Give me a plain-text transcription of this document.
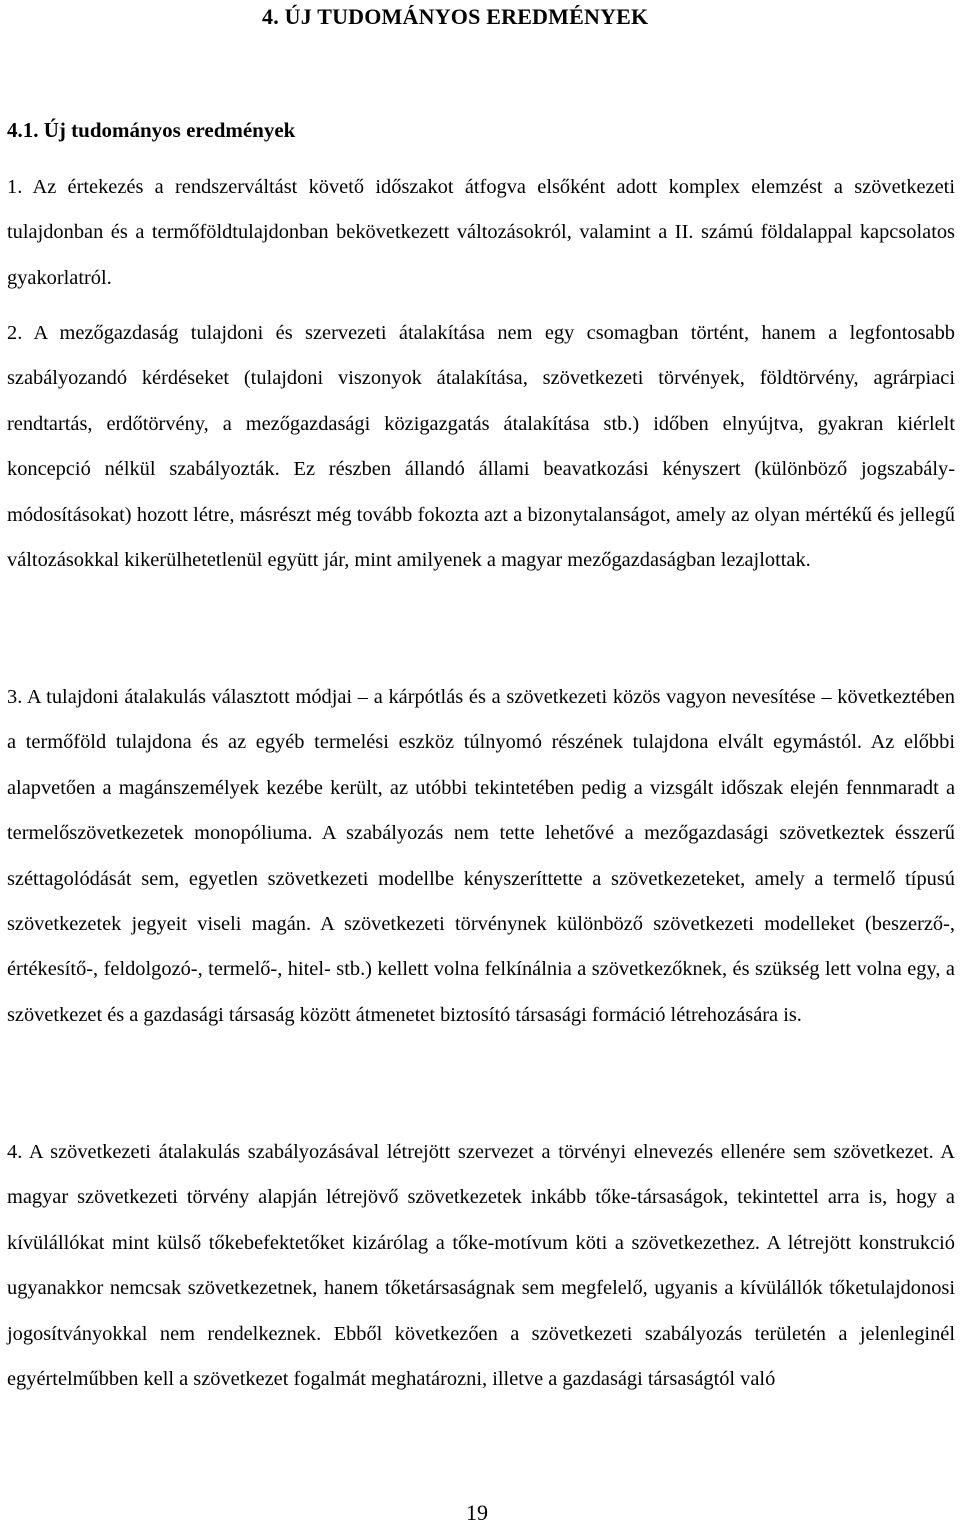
4. ÚJ TUDOMÁNYOS EREDMÉNYEK
4.1. Új tudományos eredmények

1. Az értekezés a rendszerváltást követő időszakot átfogva elsőként adott komplex elemzést a szövetkezeti tulajdonban és a termőföldtulajdonban bekövetkezett változásokról, valamint a II. számú földalappal kapcsolatos gyakorlatról.

2. A mezőgazdaság tulajdoni és szervezeti átalakítása nem egy csomagban történt, hanem a legfontosabb szabályozandó kérdéseket (tulajdoni viszonyok átalakítása, szövetkezeti törvények, földtörvény, agrárpiaci rendtartás, erdőtörvény, a mezőgazdasági közigazgatás átalakítása stb.) időben elnyújtva, gyakran kiérlelt koncepció nélkül szabályozták. Ez részben állandó állami beavatkozási kényszert (különböző jogszabály-módosításokat) hozott létre, másrészt még tovább fokozta azt a bizonytalanságot, amely az olyan mértékű és jellegű változásokkal kikerülhetetlenül együtt jár, mint amilyenek a magyar mezőgazdaságban lezajlottak.

3. A tulajdoni átalakulás választott módjai – a kárpótlás és a szövetkezeti közös vagyon nevesítése – következtében a termőföld tulajdona és az egyéb termelési eszköz túlnyomó részének tulajdona elvált egymástól. Az előbbi alapvetően a magánszemélyek kezébe került, az utóbbi tekintetében pedig a vizsgált időszak elején fennmaradt a termelőszövetkezetek monopóliuma. A szabályozás nem tette lehetővé a mezőgazdasági szövetkeztek ésszerű széttagolódását sem, egyetlen szövetkezeti modellbe kényszeríttette a szövetkezeteket, amely a termelő típusú szövetkezetek jegyeit viseli magán. A szövetkezeti törvénynek különböző szövetkezeti modelleket (beszerző-, értékesítő-, feldolgozó-, termelő-, hitel- stb.) kellett volna felkínálnia a szövetkezőknek, és szükség lett volna egy, a szövetkezet és a gazdasági társaság között átmenetet biztosító társasági formáció létrehozására is.

4. A szövetkezeti átalakulás szabályozásával létrejött szervezet a törvényi elnevezés ellenére sem szövetkezet. A magyar szövetkezeti törvény alapján létrejövő szövetkezetek inkább tőke-társaságok, tekintettel arra is, hogy a kívülállókat mint külső tőkebefektetőket kizárólag a tőke-motívum köti a szövetkezethez. A létrejött konstrukció ugyanakkor nemcsak szövetkezetnek, hanem tőketársaságnak sem megfelelő, ugyanis a kívülállók tőketulajdonosi jogosítványokkal nem rendelkeznek. Ebből következően a szövetkezeti szabályozás területén a jelenleginél egyértelműbben kell a szövetkezet fogalmát meghatározni, illetve a gazdasági társaságtól való

19
